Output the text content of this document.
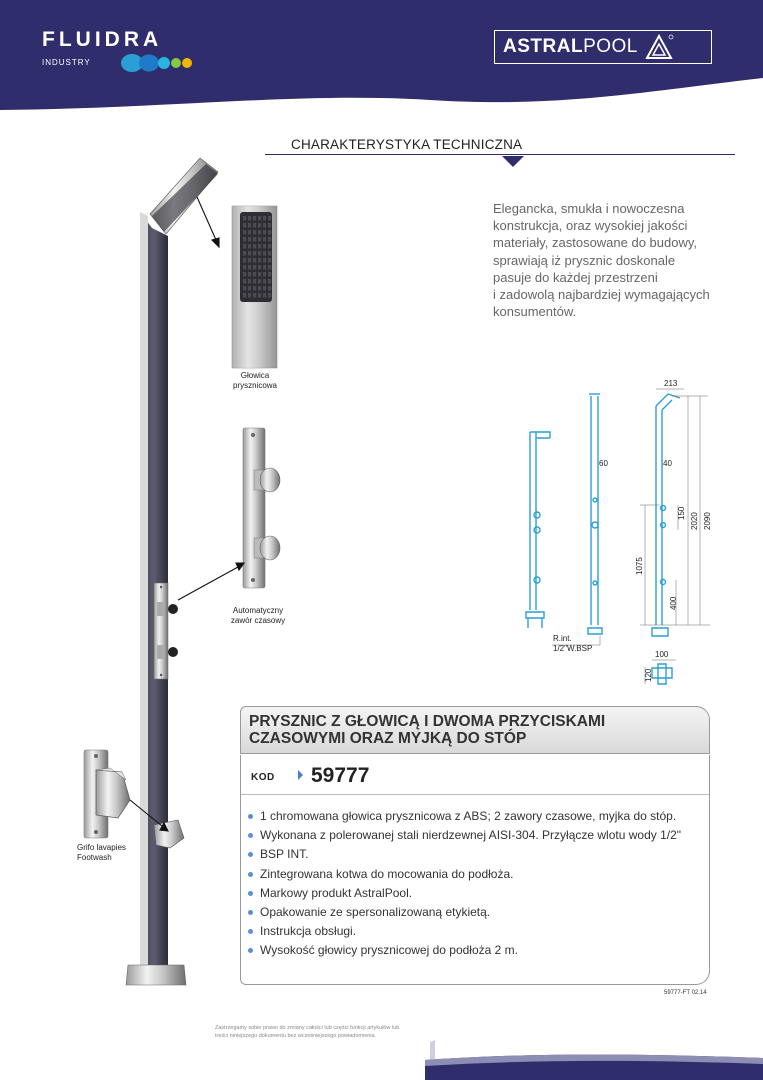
FLUIDRA
INDUSTRY
ASTRAL POOL
CHARAKTERYSTYKA TECHNICZNA
Elegancka, smukła i nowoczesna
konstrukcja, oraz wysokiej jakości
materiały, zastosowane do budowy,
sprawiają iż prysznic doskonale
pasuje do każdej przestrzeni
i zadowolą najbardziej wymagających
konsumentów.
213
60	40
2020 2090
150
1075
400
100
120
R.int.
1/2"W.BSP
Głowica
prysznicowa
Automatyczny
zawór czasowy
Grifo lavapies
Footwash
PRYSZNIC Z GŁOWICĄ I DWOMA PRZYCISKAMI
CZASOWYMI ORAZ MYJKĄ DO STÓP
KOD 59777
1 chromowana głowica prysznicowa z ABS; 2 zawory czasowe, myjka do stóp.
Wykonana z polerowanej stali nierdzewnej AISI-304. Przyłącze wlotu wody 1/2"
BSP INT.
Zintegrowana kotwa do mocowania do podłoża.
Markowy produkt AstralPool.
Opakowanie ze spersonalizowaną etykietą.
Instrukcja obsługi.
Wysokość głowicy prysznicowej do podłoża 2 m.
59777-FT 02.14
Zastrzegamy sobie prawo do zmiany całości lub części funkcji artykułów lub
treści niniejszego dokumentu bez wcześniejszego powiadomienia.
